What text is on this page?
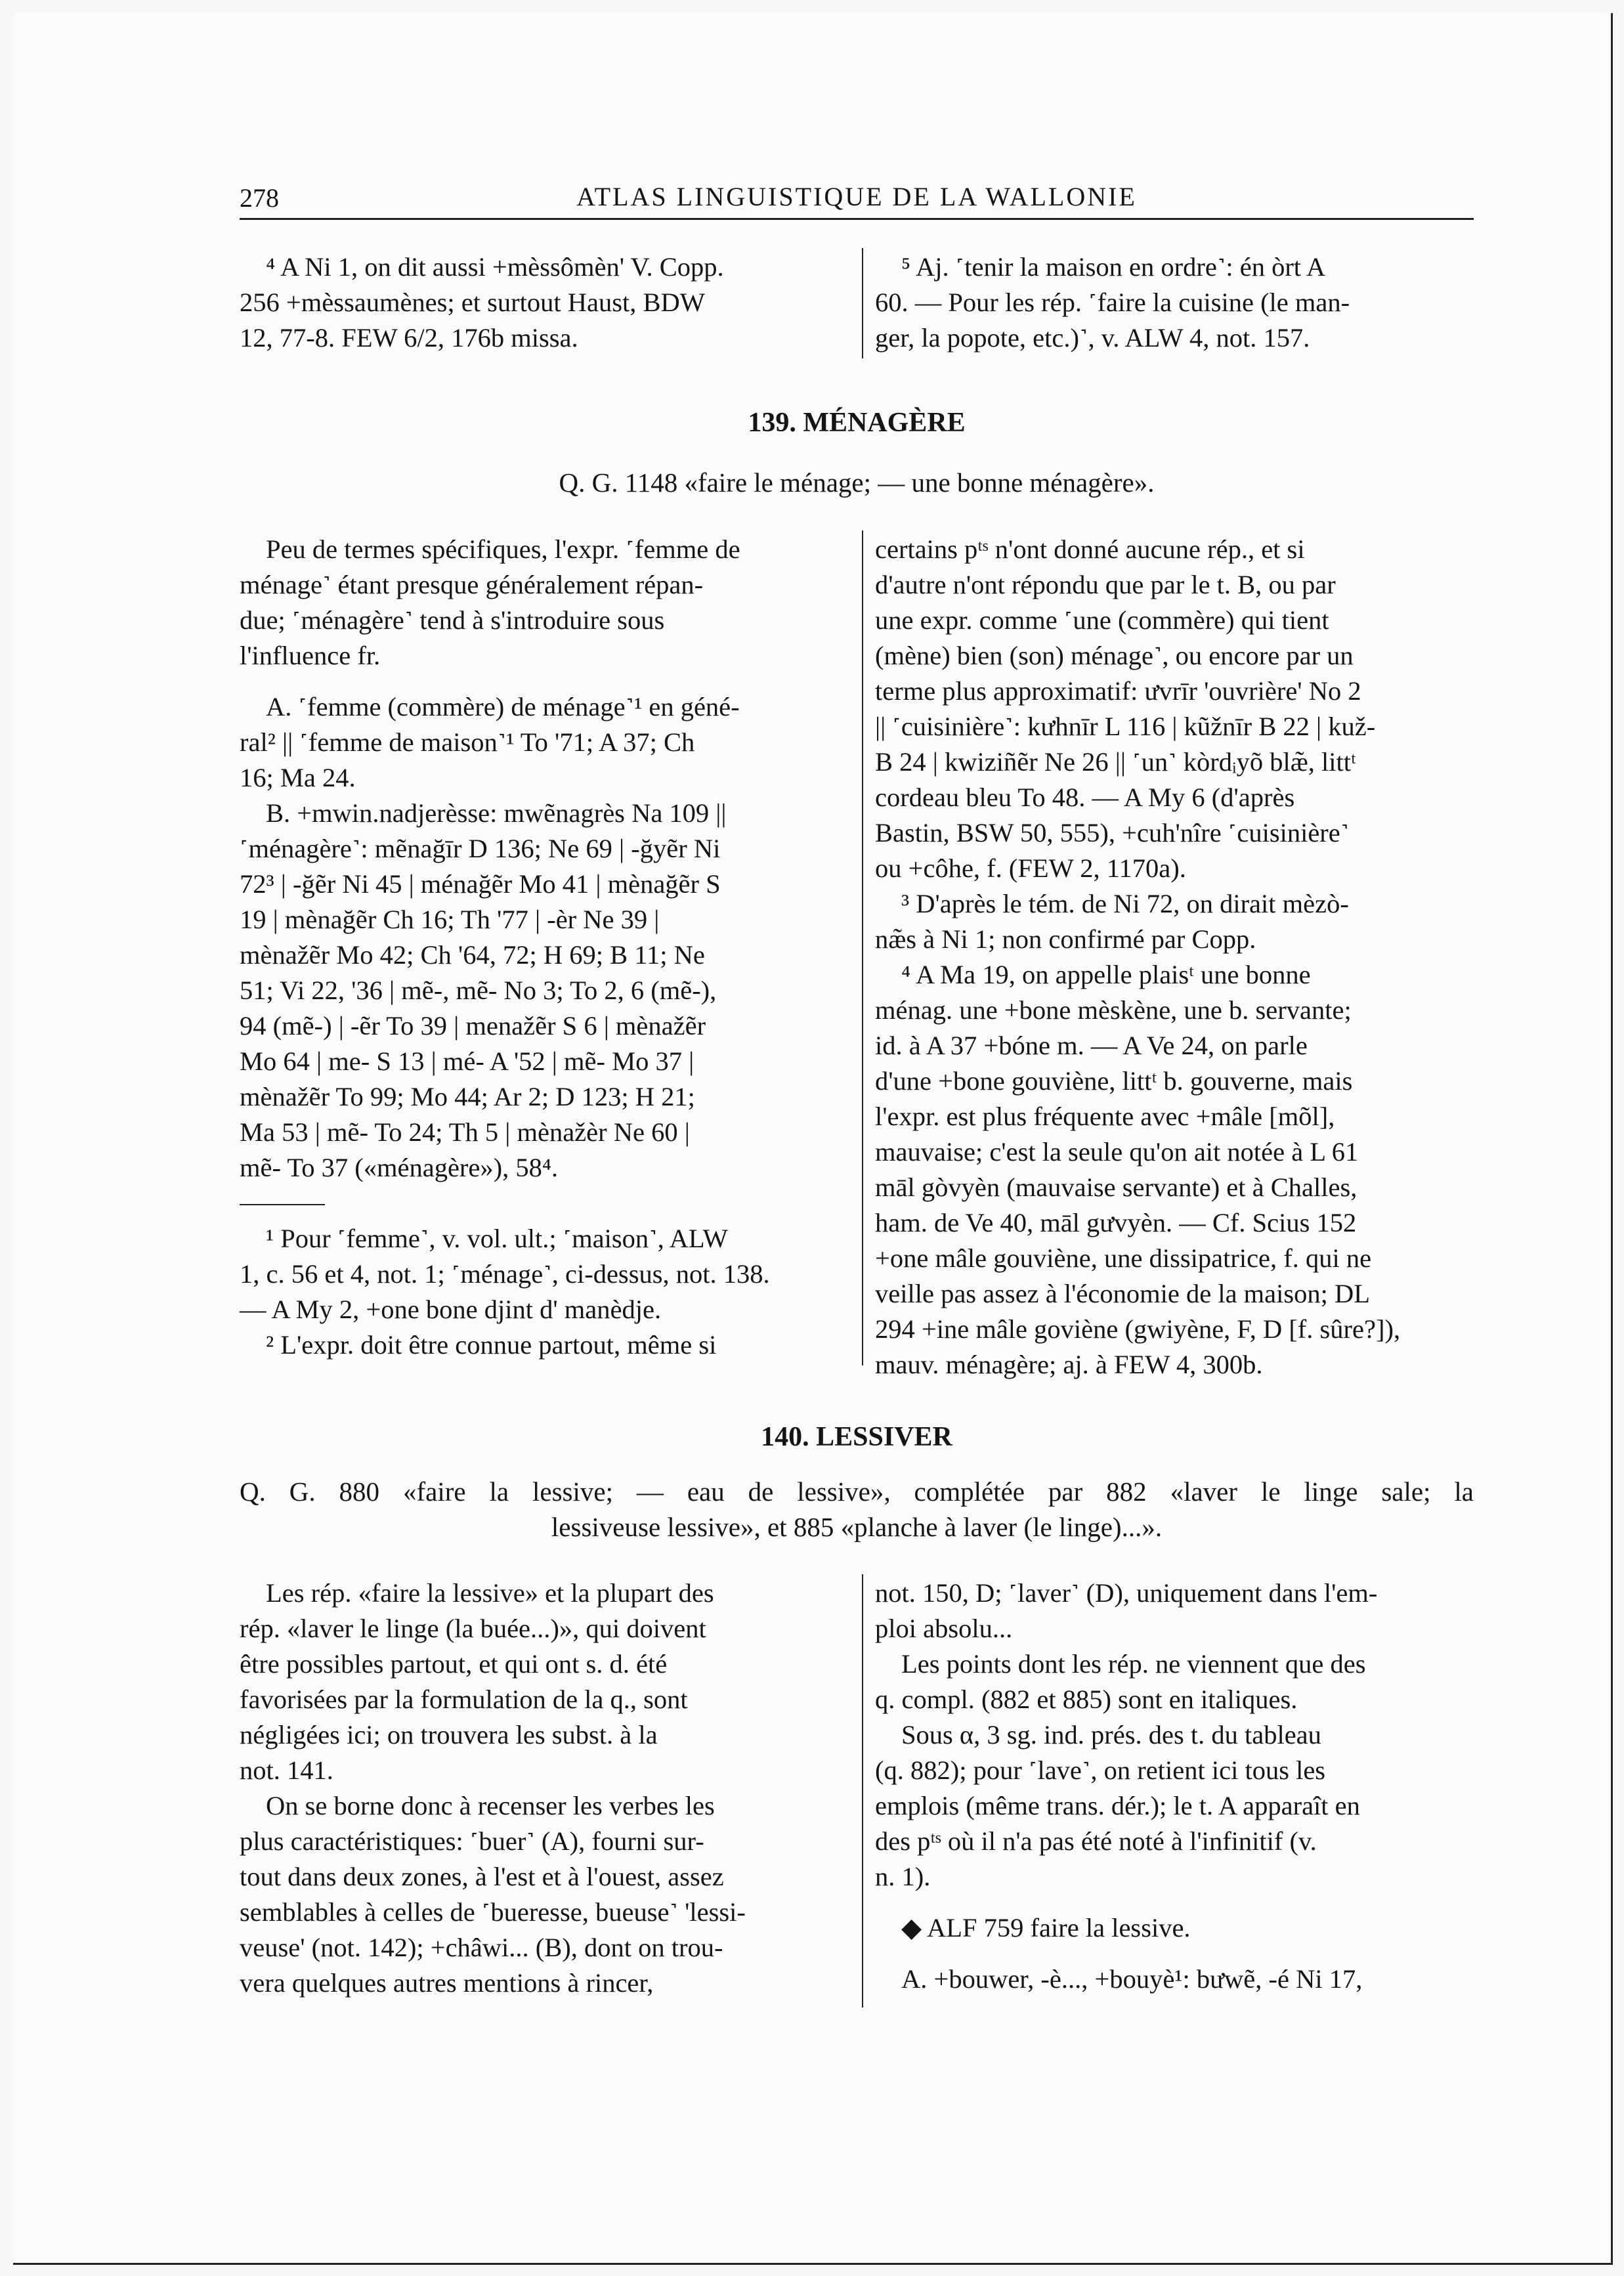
278	ATLAS LINGUISTIQUE DE LA WALLONIE

⁴ A Ni 1, on dit aussi +mèssômèn' V. Copp.

256 +mèssaumènes; et surtout Haust, BDW

12, 77-8. FEW 6/2, 176b missa.

⁵ Aj. ˹tenir la maison en ordre˺: én òrt A

60. — Pour les rép. ˹faire la cuisine (le man-

ger, la popote, etc.)˺, v. ALW 4, not. 157.

139. MÉNAGÈRE
Q. G. 1148 «faire le ménage; — une bonne ménagère».

Peu de termes spécifiques, l'expr. ˹femme de

ménage˺ étant presque généralement répan-

due; ˹ménagère˺ tend à s'introduire sous

l'influence fr.

A. ˹femme (commère) de ménage˺¹ en géné-

ral² || ˹femme de maison˺¹ To '71; A 37; Ch

16; Ma 24.

B. +mwin.nadjerèsse: mwẽnagrès Na 109 ||

˹ménagère˺: mẽnağīr D 136; Ne 69 | -ğyẽr Ni

72³ | -ğẽr Ni 45 | ménağẽr Mo 41 | mènağẽr S

19 | mènağẽr Ch 16; Th '77 | -èr Ne 39 |

mènažẽr Mo 42; Ch '64, 72; H 69; B 11; Ne

51; Vi 22, '36 | mẽ-, mẽ- No 3; To 2, 6 (mẽ-),

94 (mẽ-) | -ẽr To 39 | menažẽr S 6 | mènažẽr

Mo 64 | me- S 13 | mé- A '52 | mẽ- Mo 37 |

mènažẽr To 99; Mo 44; Ar 2; D 123; H 21;

Ma 53 | mẽ- To 24; Th 5 | mènažèr Ne 60 |

mẽ- To 37 («ménagère»), 58⁴.

¹ Pour ˹femme˺, v. vol. ult.; ˹maison˺, ALW

1, c. 56 et 4, not. 1; ˹ménage˺, ci-dessus, not. 138.

— A My 2, +one bone djint d' manèdje.

² L'expr. doit être connue partout, même si

certains pᵗˢ n'ont donné aucune rép., et si

d'autre n'ont répondu que par le t. B, ou par

une expr. comme ˹une (commère) qui tient

(mène) bien (son) ménage˺, ou encore par un

terme plus approximatif: ưvrīr 'ouvrière' No 2

|| ˹cuisinière˺: kưhnīr L 116 | kũžnīr B 22 | kuž-

B 24 | kwiziñẽr Ne 26 || ˹un˺ kòrdᵢyõ blæ̃, littᵗ

cordeau bleu To 48. — A My 6 (d'après

Bastin, BSW 50, 555), +cuh'nîre ˹cuisinière˺

ou +côhe, f. (FEW 2, 1170a).

³ D'après le tém. de Ni 72, on dirait mèzò-

næ̃s à Ni 1; non confirmé par Copp.

⁴ A Ma 19, on appelle plaisᵗ une bonne

ménag. une +bone mèskène, une b. servante;

id. à A 37 +bóne m. — A Ve 24, on parle

d'une +bone gouviène, littᵗ b. gouverne, mais

l'expr. est plus fréquente avec +mâle [mõl],

mauvaise; c'est la seule qu'on ait notée à L 61

māl gòvyèn (mauvaise servante) et à Challes,

ham. de Ve 40, māl gưvyèn. — Cf. Scius 152

+one mâle gouviène, une dissipatrice, f. qui ne

veille pas assez à l'économie de la maison; DL

294 +ine mâle goviène (gwiyène, F, D [f. sûre?]),

mauv. ménagère; aj. à FEW 4, 300b.

140. LESSIVER
Q. G. 880 «faire la lessive; — eau de lessive», complétée par 882 «laver le linge sale; la
lessiveuse lessive», et 885 «planche à laver (le linge)...».

Les rép. «faire la lessive» et la plupart des

rép. «laver le linge (la buée...)», qui doivent

être possibles partout, et qui ont s. d. été

favorisées par la formulation de la q., sont

négligées ici; on trouvera les subst. à la

not. 141.

On se borne donc à recenser les verbes les

plus caractéristiques: ˹buer˺ (A), fourni sur-

tout dans deux zones, à l'est et à l'ouest, assez

semblables à celles de ˹bueresse, bueuse˺ 'lessi-

veuse' (not. 142); +châwi... (B), dont on trou-

vera quelques autres mentions à rincer,

not. 150, D; ˹laver˺ (D), uniquement dans l'em-

ploi absolu...

Les points dont les rép. ne viennent que des

q. compl. (882 et 885) sont en italiques.

Sous α, 3 sg. ind. prés. des t. du tableau

(q. 882); pour ˹lave˺, on retient ici tous les

emplois (même trans. dér.); le t. A apparaît en

des pᵗˢ où il n'a pas été noté à l'infinitif (v.

n. 1).

◆ ALF 759 faire la lessive.

A. +bouwer, -è..., +bouyè¹: bưwẽ, -é Ni 17,
